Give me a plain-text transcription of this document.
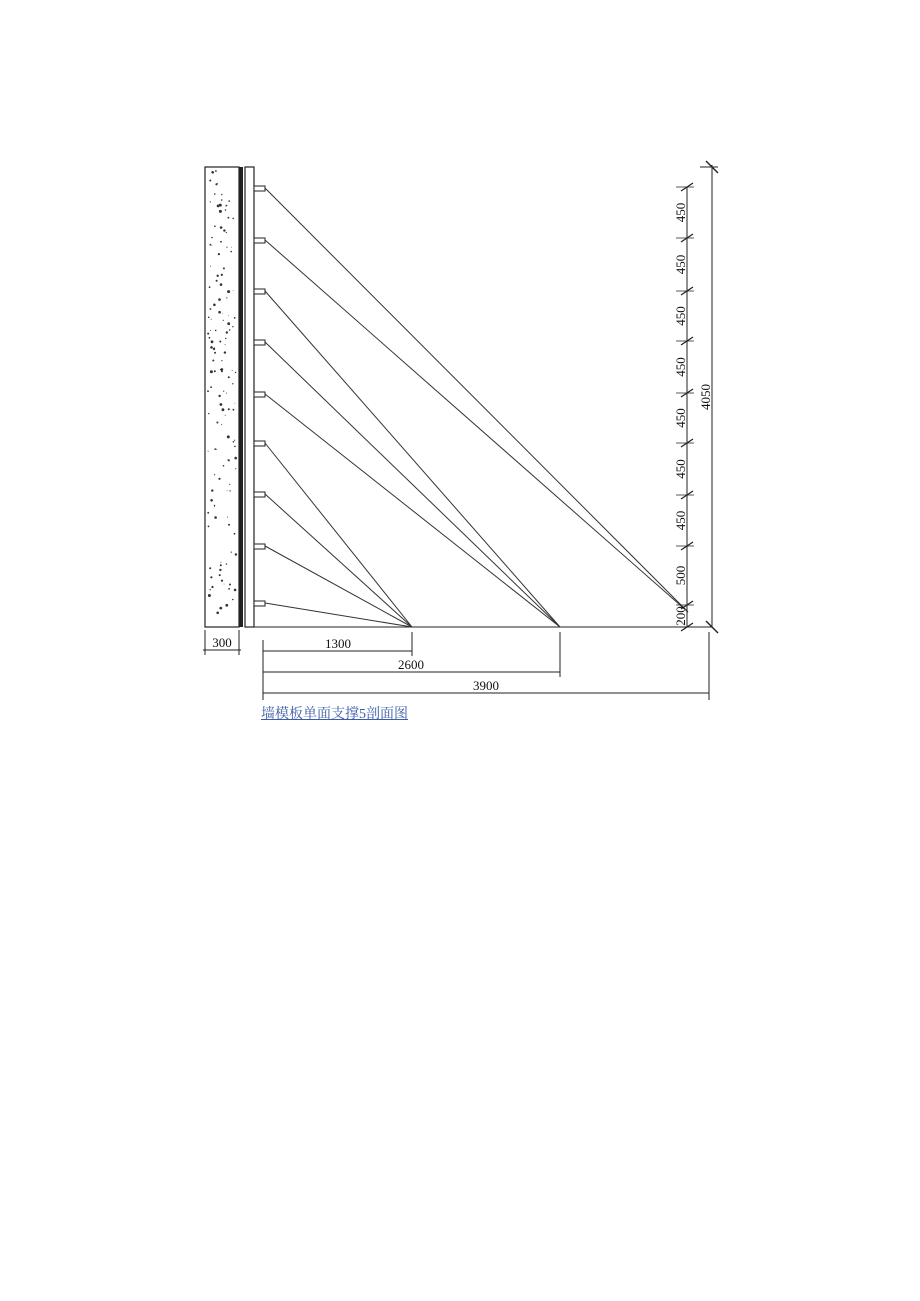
300	1300
2600
3900
450
450
450
450
450
450
450
500
200
4050
墙模板单面支撑5剖面图
